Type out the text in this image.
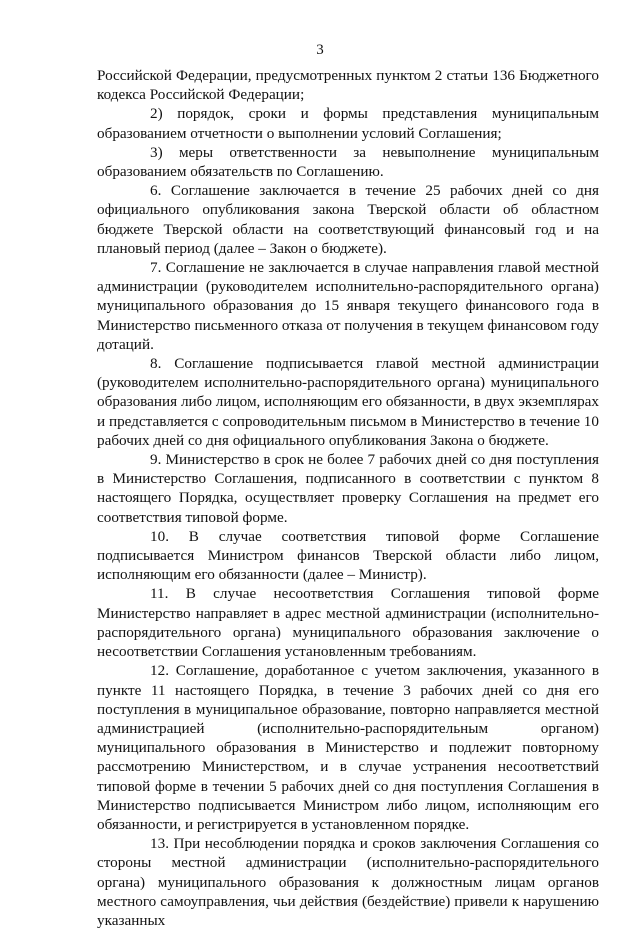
3

Российской Федерации, предусмотренных пунктом 2 статьи 136 Бюджетного кодекса Российской Федерации;

2) порядок, сроки и формы представления муниципальным образованием отчетности о выполнении условий Соглашения;

3) меры ответственности за невыполнение муниципальным образованием обязательств по Соглашению.

6. Соглашение заключается в течение 25 рабочих дней со дня официального опубликования закона Тверской области об областном бюджете Тверской области на соответствующий финансовый год и на плановый период (далее – Закон о бюджете).

7. Соглашение не заключается в случае направления главой местной администрации (руководителем исполнительно-распорядительного органа) муниципального образования до 15 января текущего финансового года в Министерство письменного отказа от получения в текущем финансовом году дотаций.

8. Соглашение подписывается главой местной администрации (руководителем исполнительно-распорядительного органа) муниципального образования либо лицом, исполняющим его обязанности, в двух экземплярах и представляется с сопроводительным письмом в Министерство в течение 10 рабочих дней со дня официального опубликования Закона о бюджете.

9. Министерство в срок не более 7 рабочих дней со дня поступления в Министерство Соглашения, подписанного в соответствии с пунктом 8 настоящего Порядка, осуществляет проверку Соглашения на предмет его соответствия типовой форме.

10. В случае соответствия типовой форме Соглашение подписывается Министром финансов Тверской области либо лицом, исполняющим его обязанности (далее – Министр).

11. В случае несоответствия Соглашения типовой форме Министерство направляет в адрес местной администрации (исполнительно-распорядительного органа) муниципального образования заключение о несоответствии Соглашения установленным требованиям.

12. Соглашение, доработанное с учетом заключения, указанного в пункте 11 настоящего Порядка, в течение 3 рабочих дней со дня его поступления в муниципальное образование, повторно направляется местной администрацией (исполнительно-распорядительным органом) муниципального образования в Министерство и подлежит повторному рассмотрению Министерством, и в случае устранения несоответствий типовой форме в течении 5 рабочих дней со дня поступления Соглашения в Министерство подписывается Министром либо лицом, исполняющим его обязанности, и регистрируется в установленном порядке.

13. При несоблюдении порядка и сроков заключения Соглашения со стороны местной администрации (исполнительно-распорядительного органа) муниципального образования к должностным лицам органов местного самоуправления, чьи действия (бездействие) привели к нарушению указанных
